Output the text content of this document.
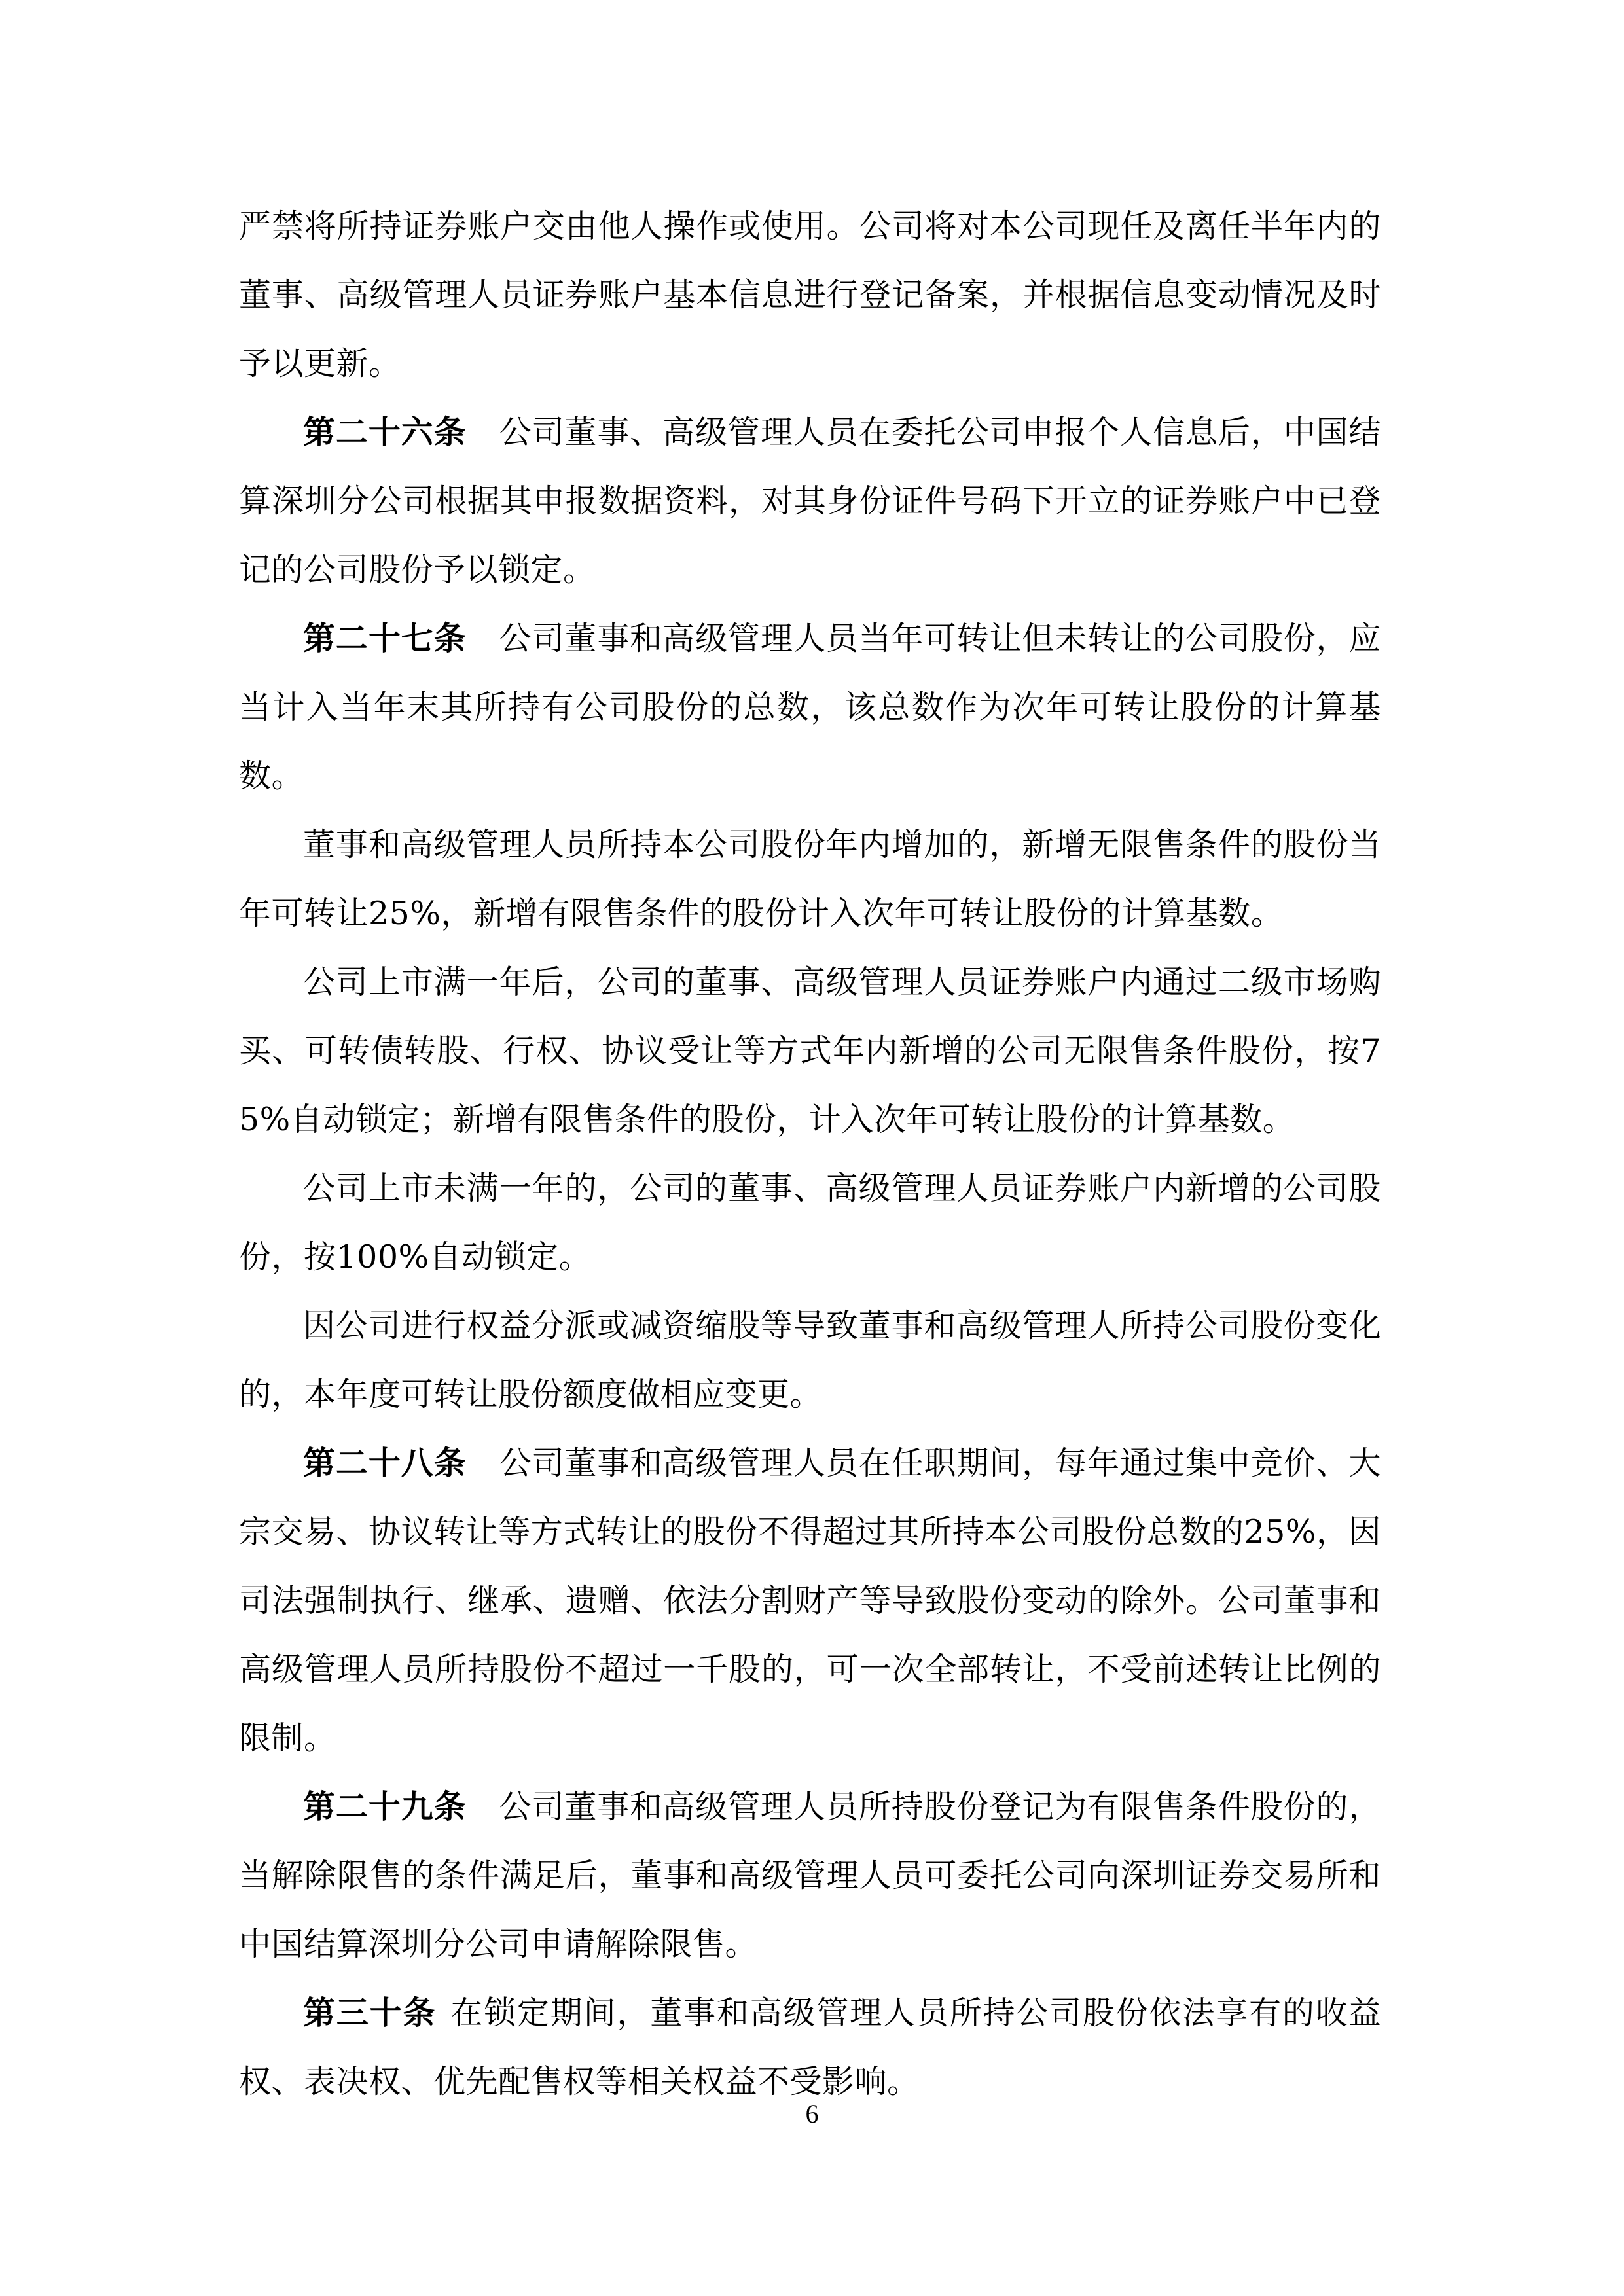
严禁将所持证券账户交由他人操作或使用。公司将对本公司现任及离任半年内的董事、高级管理人员证券账户基本信息进行登记备案，并根据信息变动情况及时予以更新。

第二十六条 公司董事、高级管理人员在委托公司申报个人信息后，中国结算深圳分公司根据其申报数据资料，对其身份证件号码下开立的证券账户中已登记的公司股份予以锁定。

第二十七条 公司董事和高级管理人员当年可转让但未转让的公司股份，应当计入当年末其所持有公司股份的总数，该总数作为次年可转让股份的计算基数。

董事和高级管理人员所持本公司股份年内增加的，新增无限售条件的股份当年可转让25%，新增有限售条件的股份计入次年可转让股份的计算基数。

公司上市满一年后，公司的董事、高级管理人员证券账户内通过二级市场购买、可转债转股、行权、协议受让等方式年内新增的公司无限售条件股份，按75%自动锁定；新增有限售条件的股份，计入次年可转让股份的计算基数。

公司上市未满一年的，公司的董事、高级管理人员证券账户内新增的公司股份，按100%自动锁定。

因公司进行权益分派或减资缩股等导致董事和高级管理人所持公司股份变化的，本年度可转让股份额度做相应变更。

第二十八条 公司董事和高级管理人员在任职期间，每年通过集中竞价、大宗交易、协议转让等方式转让的股份不得超过其所持本公司股份总数的25%，因司法强制执行、继承、遗赠、依法分割财产等导致股份变动的除外。公司董事和高级管理人员所持股份不超过一千股的，可一次全部转让，不受前述转让比例的限制。

第二十九条 公司董事和高级管理人员所持股份登记为有限售条件股份的，当解除限售的条件满足后，董事和高级管理人员可委托公司向深圳证券交易所和中国结算深圳分公司申请解除限售。

第三十条 在锁定期间，董事和高级管理人员所持公司股份依法享有的收益权、表决权、优先配售权等相关权益不受影响。

6
